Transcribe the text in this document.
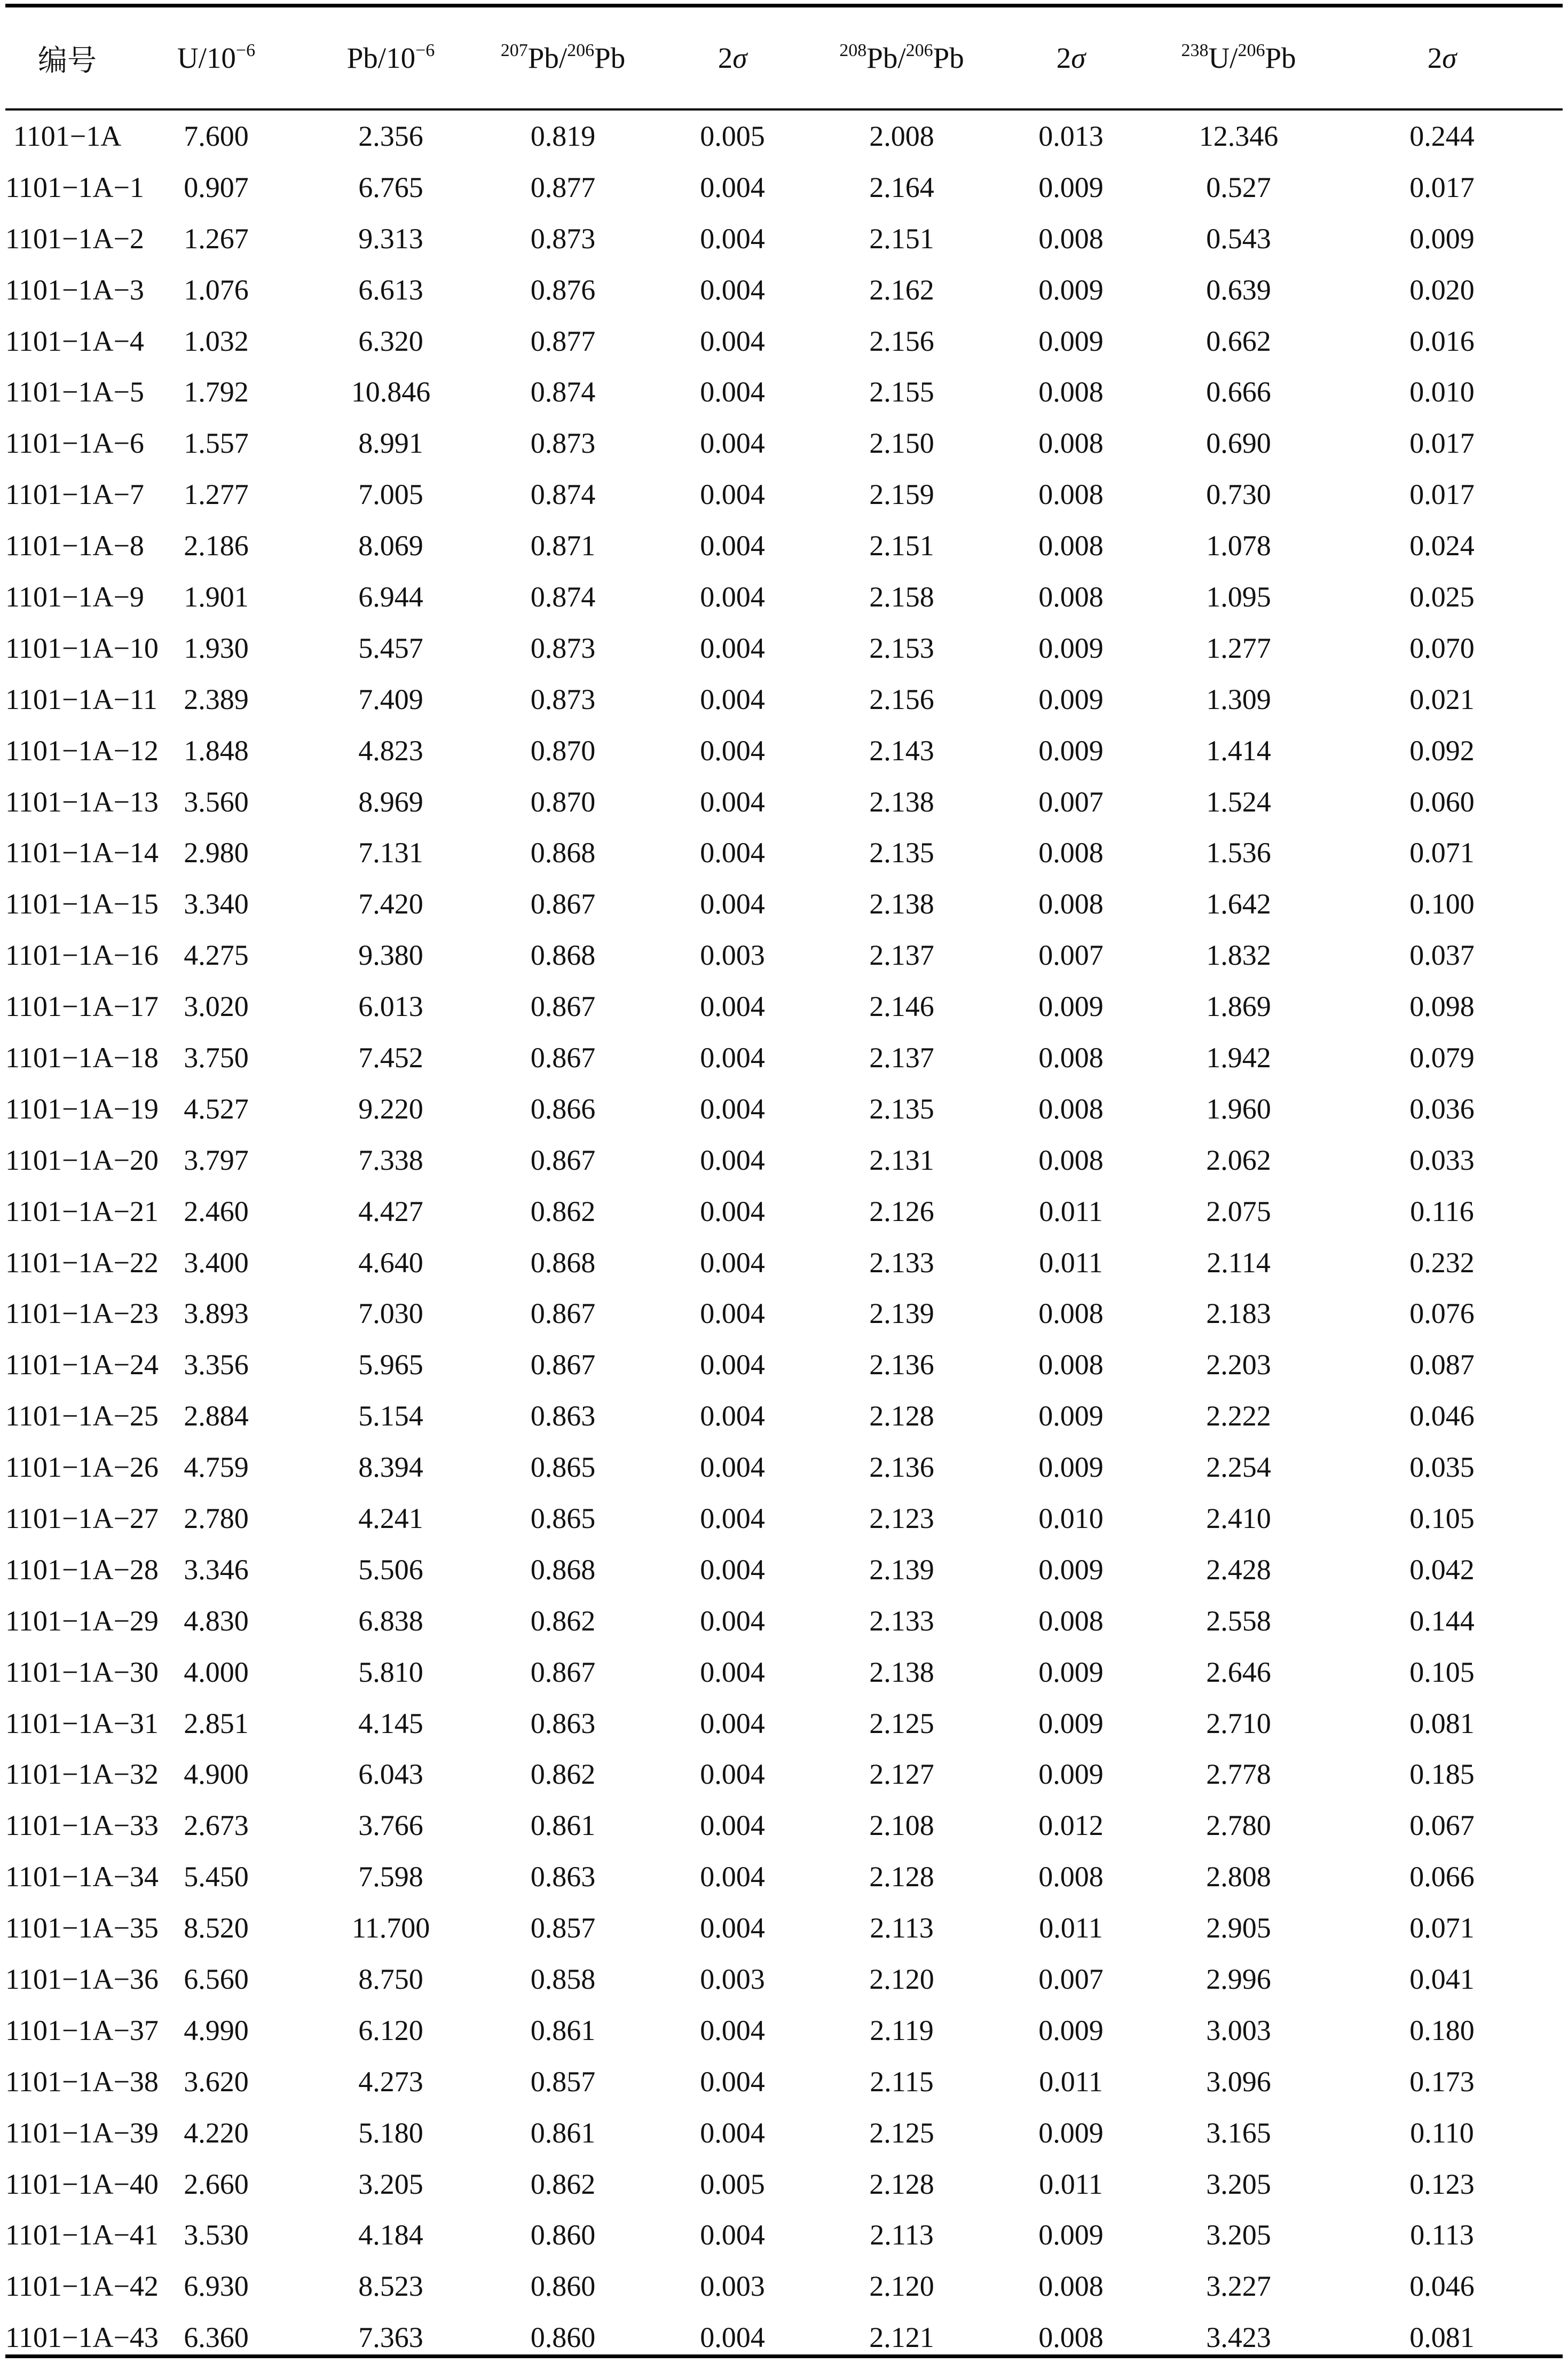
编号	$U/10^{-6}$	$Pb/10^{-6}$	$^{207}$Pb/$^{206}$Pb	2σ	$^{208}$Pb/$^{206}$Pb	2σ	$^{238}$U/$^{206}$Pb	2σ
1101−1A	7.600	2.356	0.819	0.005	2.008	0.013	12.346	0.244
1101−1A−1	0.907	6.765	0.877	0.004	2.164	0.009	0.527	0.017
1101−1A−2	1.267	9.313	0.873	0.004	2.151	0.008	0.543	0.009
1101−1A−3	1.076	6.613	0.876	0.004	2.162	0.009	0.639	0.020
1101−1A−4	1.032	6.320	0.877	0.004	2.156	0.009	0.662	0.016
1101−1A−5	1.792	10.846	0.874	0.004	2.155	0.008	0.666	0.010
1101−1A−6	1.557	8.991	0.873	0.004	2.150	0.008	0.690	0.017
1101−1A−7	1.277	7.005	0.874	0.004	2.159	0.008	0.730	0.017
1101−1A−8	2.186	8.069	0.871	0.004	2.151	0.008	1.078	0.024
1101−1A−9	1.901	6.944	0.874	0.004	2.158	0.008	1.095	0.025
1101−1A−10	1.930	5.457	0.873	0.004	2.153	0.009	1.277	0.070
1101−1A−11	2.389	7.409	0.873	0.004	2.156	0.009	1.309	0.021
1101−1A−12	1.848	4.823	0.870	0.004	2.143	0.009	1.414	0.092
1101−1A−13	3.560	8.969	0.870	0.004	2.138	0.007	1.524	0.060
1101−1A−14	2.980	7.131	0.868	0.004	2.135	0.008	1.536	0.071
1101−1A−15	3.340	7.420	0.867	0.004	2.138	0.008	1.642	0.100
1101−1A−16	4.275	9.380	0.868	0.003	2.137	0.007	1.832	0.037
1101−1A−17	3.020	6.013	0.867	0.004	2.146	0.009	1.869	0.098
1101−1A−18	3.750	7.452	0.867	0.004	2.137	0.008	1.942	0.079
1101−1A−19	4.527	9.220	0.866	0.004	2.135	0.008	1.960	0.036
1101−1A−20	3.797	7.338	0.867	0.004	2.131	0.008	2.062	0.033
1101−1A−21	2.460	4.427	0.862	0.004	2.126	0.011	2.075	0.116
1101−1A−22	3.400	4.640	0.868	0.004	2.133	0.011	2.114	0.232
1101−1A−23	3.893	7.030	0.867	0.004	2.139	0.008	2.183	0.076
1101−1A−24	3.356	5.965	0.867	0.004	2.136	0.008	2.203	0.087
1101−1A−25	2.884	5.154	0.863	0.004	2.128	0.009	2.222	0.046
1101−1A−26	4.759	8.394	0.865	0.004	2.136	0.009	2.254	0.035
1101−1A−27	2.780	4.241	0.865	0.004	2.123	0.010	2.410	0.105
1101−1A−28	3.346	5.506	0.868	0.004	2.139	0.009	2.428	0.042
1101−1A−29	4.830	6.838	0.862	0.004	2.133	0.008	2.558	0.144
1101−1A−30	4.000	5.810	0.867	0.004	2.138	0.009	2.646	0.105
1101−1A−31	2.851	4.145	0.863	0.004	2.125	0.009	2.710	0.081
1101−1A−32	4.900	6.043	0.862	0.004	2.127	0.009	2.778	0.185
1101−1A−33	2.673	3.766	0.861	0.004	2.108	0.012	2.780	0.067
1101−1A−34	5.450	7.598	0.863	0.004	2.128	0.008	2.808	0.066
1101−1A−35	8.520	11.700	0.857	0.004	2.113	0.011	2.905	0.071
1101−1A−36	6.560	8.750	0.858	0.003	2.120	0.007	2.996	0.041
1101−1A−37	4.990	6.120	0.861	0.004	2.119	0.009	3.003	0.180
1101−1A−38	3.620	4.273	0.857	0.004	2.115	0.011	3.096	0.173
1101−1A−39	4.220	5.180	0.861	0.004	2.125	0.009	3.165	0.110
1101−1A−40	2.660	3.205	0.862	0.005	2.128	0.011	3.205	0.123
1101−1A−41	3.530	4.184	0.860	0.004	2.113	0.009	3.205	0.113
1101−1A−42	6.930	8.523	0.860	0.003	2.120	0.008	3.227	0.046
1101−1A−43	6.360	7.363	0.860	0.004	2.121	0.008	3.423	0.081
